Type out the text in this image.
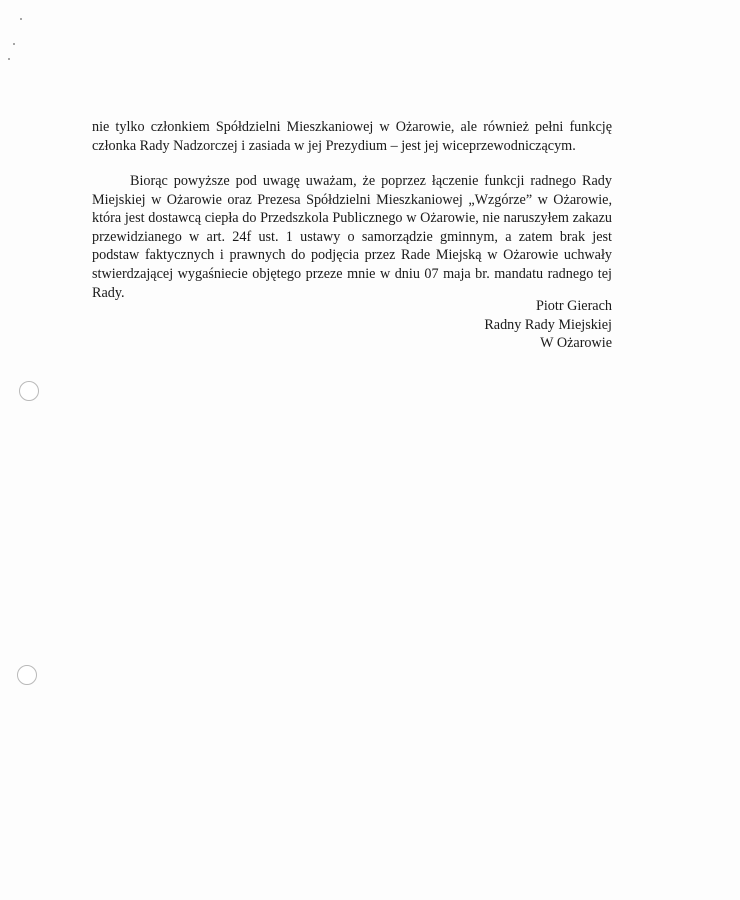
nie tylko członkiem Spółdzielni Mieszkaniowej w Ożarowie, ale również pełni funkcję członka Rady Nadzorczej i zasiada w jej Prezydium – jest jej wiceprzewodniczącym.

Biorąc powyższe pod uwagę uważam, że poprzez łączenie funkcji radnego Rady Miejskiej w Ożarowie oraz Prezesa Spółdzielni Mieszkaniowej „Wzgórze” w Ożarowie, która jest dostawcą ciepła do Przedszkola Publicznego w Ożarowie, nie naruszyłem zakazu przewidzianego w art. 24f ust. 1 ustawy o samorządzie gminnym, a zatem brak jest podstaw faktycznych i prawnych do podjęcia przez Rade Miejską w Ożarowie uchwały stwierdzającej wygaśniecie objętego przeze mnie w dniu 07 maja br. mandatu radnego tej Rady.

Piotr Gierach
Radny Rady Miejskiej
W Ożarowie
